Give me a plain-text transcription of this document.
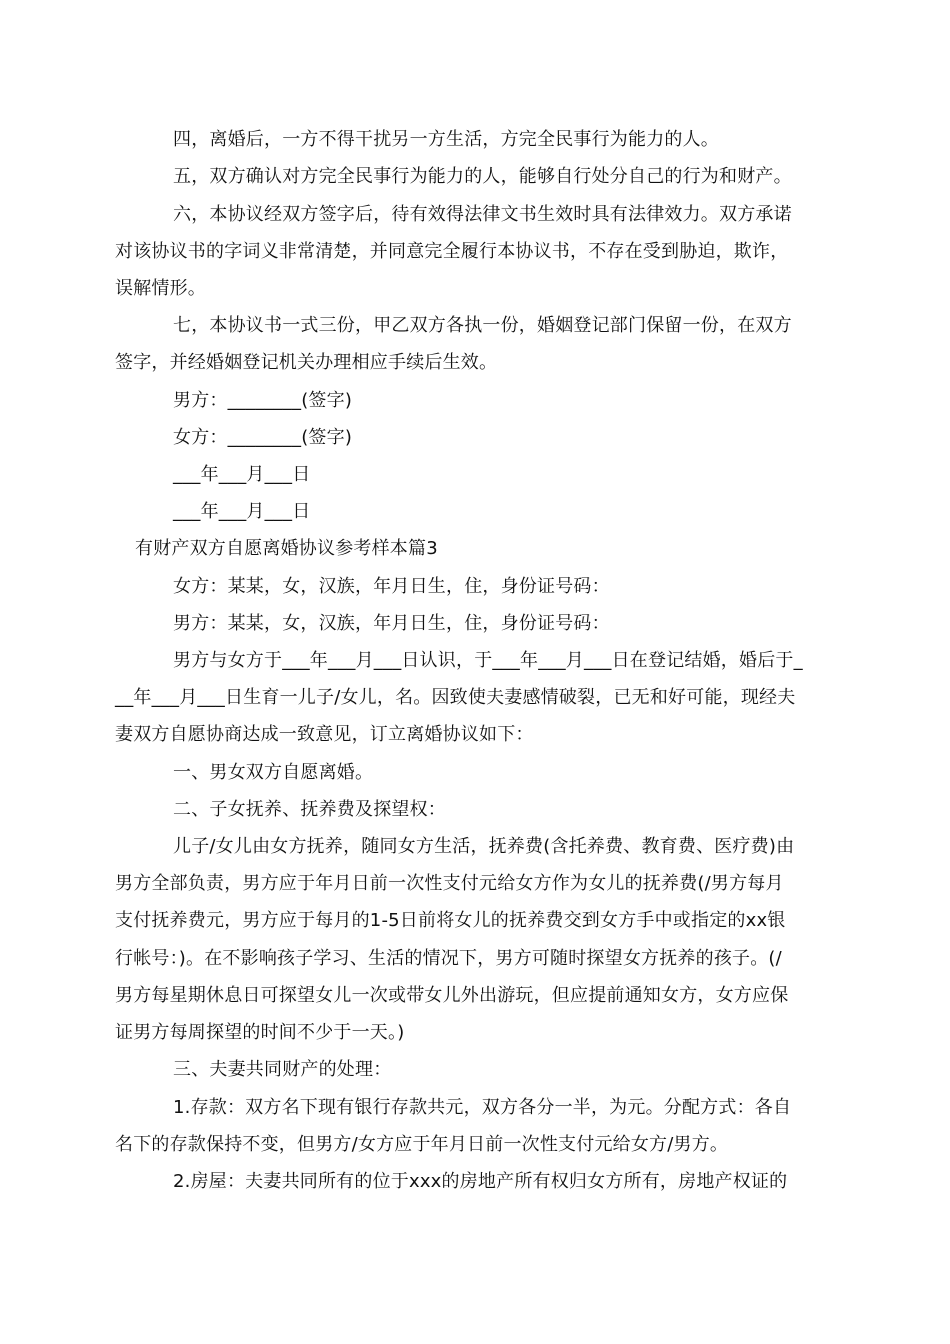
四，离婚后，一方不得干扰另一方生活，方完全民事行为能力的人。
五，双方确认对方完全民事行为能力的人，能够自行处分自己的行为和财产。
六，本协议经双方签字后，待有效得法律文书生效时具有法律效力。双方承诺
对该协议书的字词义非常清楚，并同意完全履行本协议书，不存在受到胁迫，欺诈，
误解情形。
七，本协议书一式三份，甲乙双方各执一份，婚姻登记部门保留一份，在双方
签字，并经婚姻登记机关办理相应手续后生效。
男方：________(签字)
女方：________(签字)
___年___月___日
___年___月___日
有财产双方自愿离婚协议参考样本篇3
女方：某某，女，汉族，年月日生，住，身份证号码：
男方：某某，女，汉族，年月日生，住，身份证号码：
男方与女方于___年___月___日认识，于___年___月___日在登记结婚，婚后于_
__年___月___日生育一儿子/女儿，名。因致使夫妻感情破裂，已无和好可能，现经夫
妻双方自愿协商达成一致意见，订立离婚协议如下：
一、男女双方自愿离婚。
二、子女抚养、抚养费及探望权：
儿子/女儿由女方抚养，随同女方生活，抚养费(含托养费、教育费、医疗费)由
男方全部负责，男方应于年月日前一次性支付元给女方作为女儿的抚养费(/男方每月
支付抚养费元，男方应于每月的1-5日前将女儿的抚养费交到女方手中或指定的xx银
行帐号：)。在不影响孩子学习、生活的情况下，男方可随时探望女方抚养的孩子。(/
男方每星期休息日可探望女儿一次或带女儿外出游玩，但应提前通知女方，女方应保
证男方每周探望的时间不少于一天。)
三、夫妻共同财产的处理：
1.存款：双方名下现有银行存款共元，双方各分一半，为元。分配方式：各自
名下的存款保持不变，但男方/女方应于年月日前一次性支付元给女方/男方。
2.房屋：夫妻共同所有的位于xxx的房地产所有权归女方所有，房地产权证的
